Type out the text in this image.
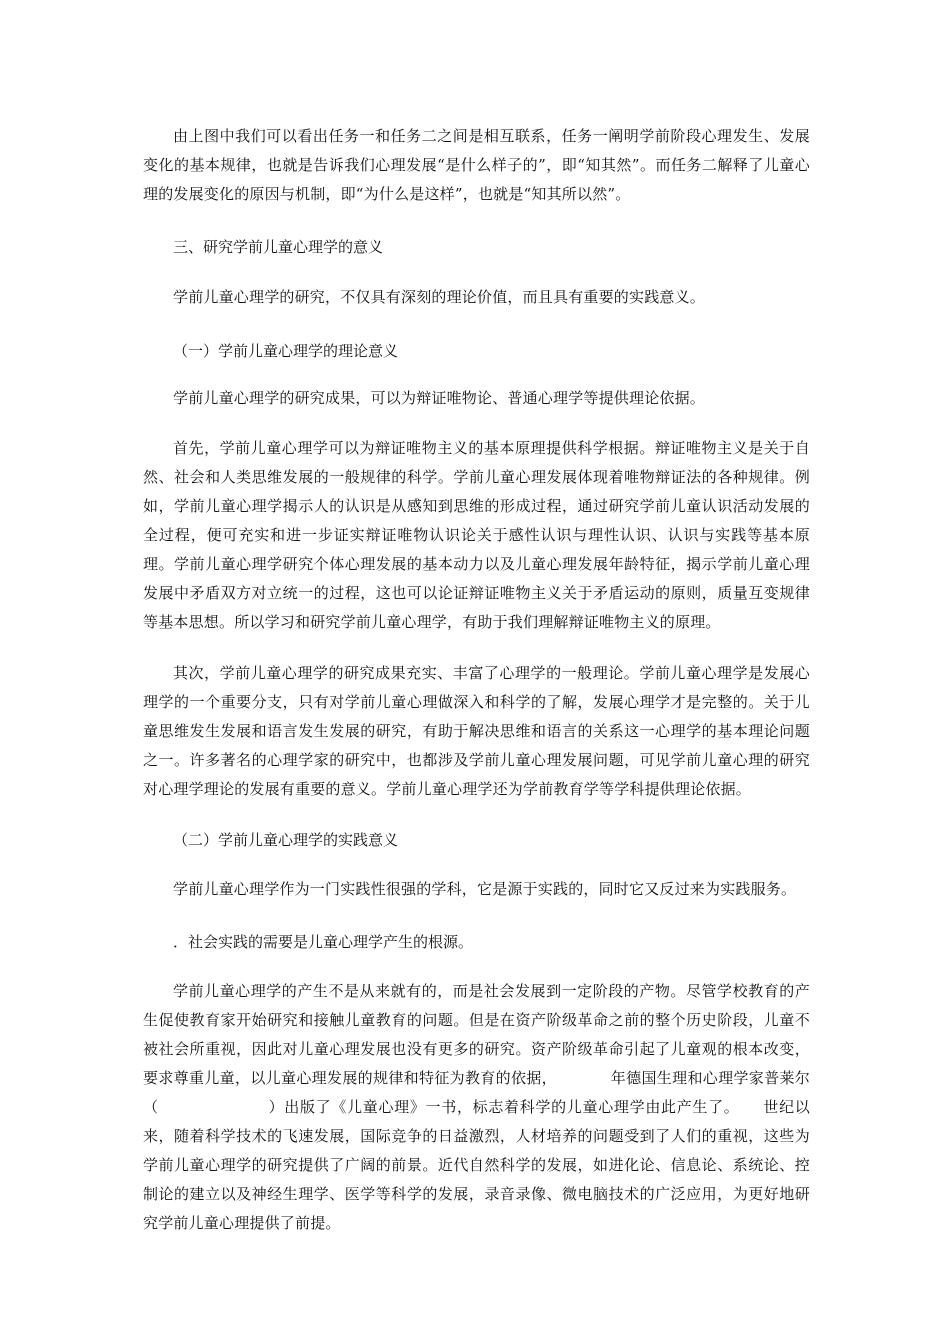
由上图中我们可以看出任务一和任务二之间是相互联系，任务一阐明学前阶段心理发生、发展变化的基本规律，也就是告诉我们心理发展“是什么样子的”，即“知其然”。而任务二解释了儿童心理的发展变化的原因与机制，即“为什么是这样”，也就是“知其所以然”。

三、研究学前儿童心理学的意义

学前儿童心理学的研究，不仅具有深刻的理论价值，而且具有重要的实践意义。

（一）学前儿童心理学的理论意义

学前儿童心理学的研究成果，可以为辩证唯物论、普通心理学等提供理论依据。

首先，学前儿童心理学可以为辩证唯物主义的基本原理提供科学根据。辩证唯物主义是关于自然、社会和人类思维发展的一般规律的科学。学前儿童心理发展体现着唯物辩证法的各种规律。例如，学前儿童心理学揭示人的认识是从感知到思维的形成过程，通过研究学前儿童认识活动发展的全过程，便可充实和进一步证实辩证唯物认识论关于感性认识与理性认识、认识与实践等基本原理。学前儿童心理学研究个体心理发展的基本动力以及儿童心理发展年龄特征，揭示学前儿童心理发展中矛盾双方对立统一的过程，这也可以论证辩证唯物主义关于矛盾运动的原则，质量互变规律等基本思想。所以学习和研究学前儿童心理学，有助于我们理解辩证唯物主义的原理。

其次，学前儿童心理学的研究成果充实、丰富了心理学的一般理论。学前儿童心理学是发展心理学的一个重要分支，只有对学前儿童心理做深入和科学的了解，发展心理学才是完整的。关于儿童思维发生发展和语言发生发展的研究，有助于解决思维和语言的关系这一心理学的基本理论问题之一。许多著名的心理学家的研究中，也都涉及学前儿童心理发展问题，可见学前儿童心理的研究对心理学理论的发展有重要的意义。学前儿童心理学还为学前教育学等学科提供理论依据。

（二）学前儿童心理学的实践意义

学前儿童心理学作为一门实践性很强的学科，它是源于实践的，同时它又反过来为实践服务。

．社会实践的需要是儿童心理学产生的根源。

学前儿童心理学的产生不是从来就有的，而是社会发展到一定阶段的产物。尽管学校教育的产生促使教育家开始研究和接触儿童教育的问题。但是在资产阶级革命之前的整个历史阶段，儿童不被社会所重视，因此对儿童心理发展也没有更多的研究。资产阶级革命引起了儿童观的根本改变，要求尊重儿童，以儿童心理发展的规律和特征为教育的依据，　　　　年德国生理和心理学家普莱尔（　　　　　　　）出版了《儿童心理》一书，标志着科学的儿童心理学由此产生了。　　世纪以来，随着科学技术的飞速发展，国际竞争的日益激烈，人材培养的问题受到了人们的重视，这些为学前儿童心理学的研究提供了广阔的前景。近代自然科学的发展，如进化论、信息论、系统论、控制论的建立以及神经生理学、医学等科学的发展，录音录像、微电脑技术的广泛应用，为更好地研究学前儿童心理提供了前提。
